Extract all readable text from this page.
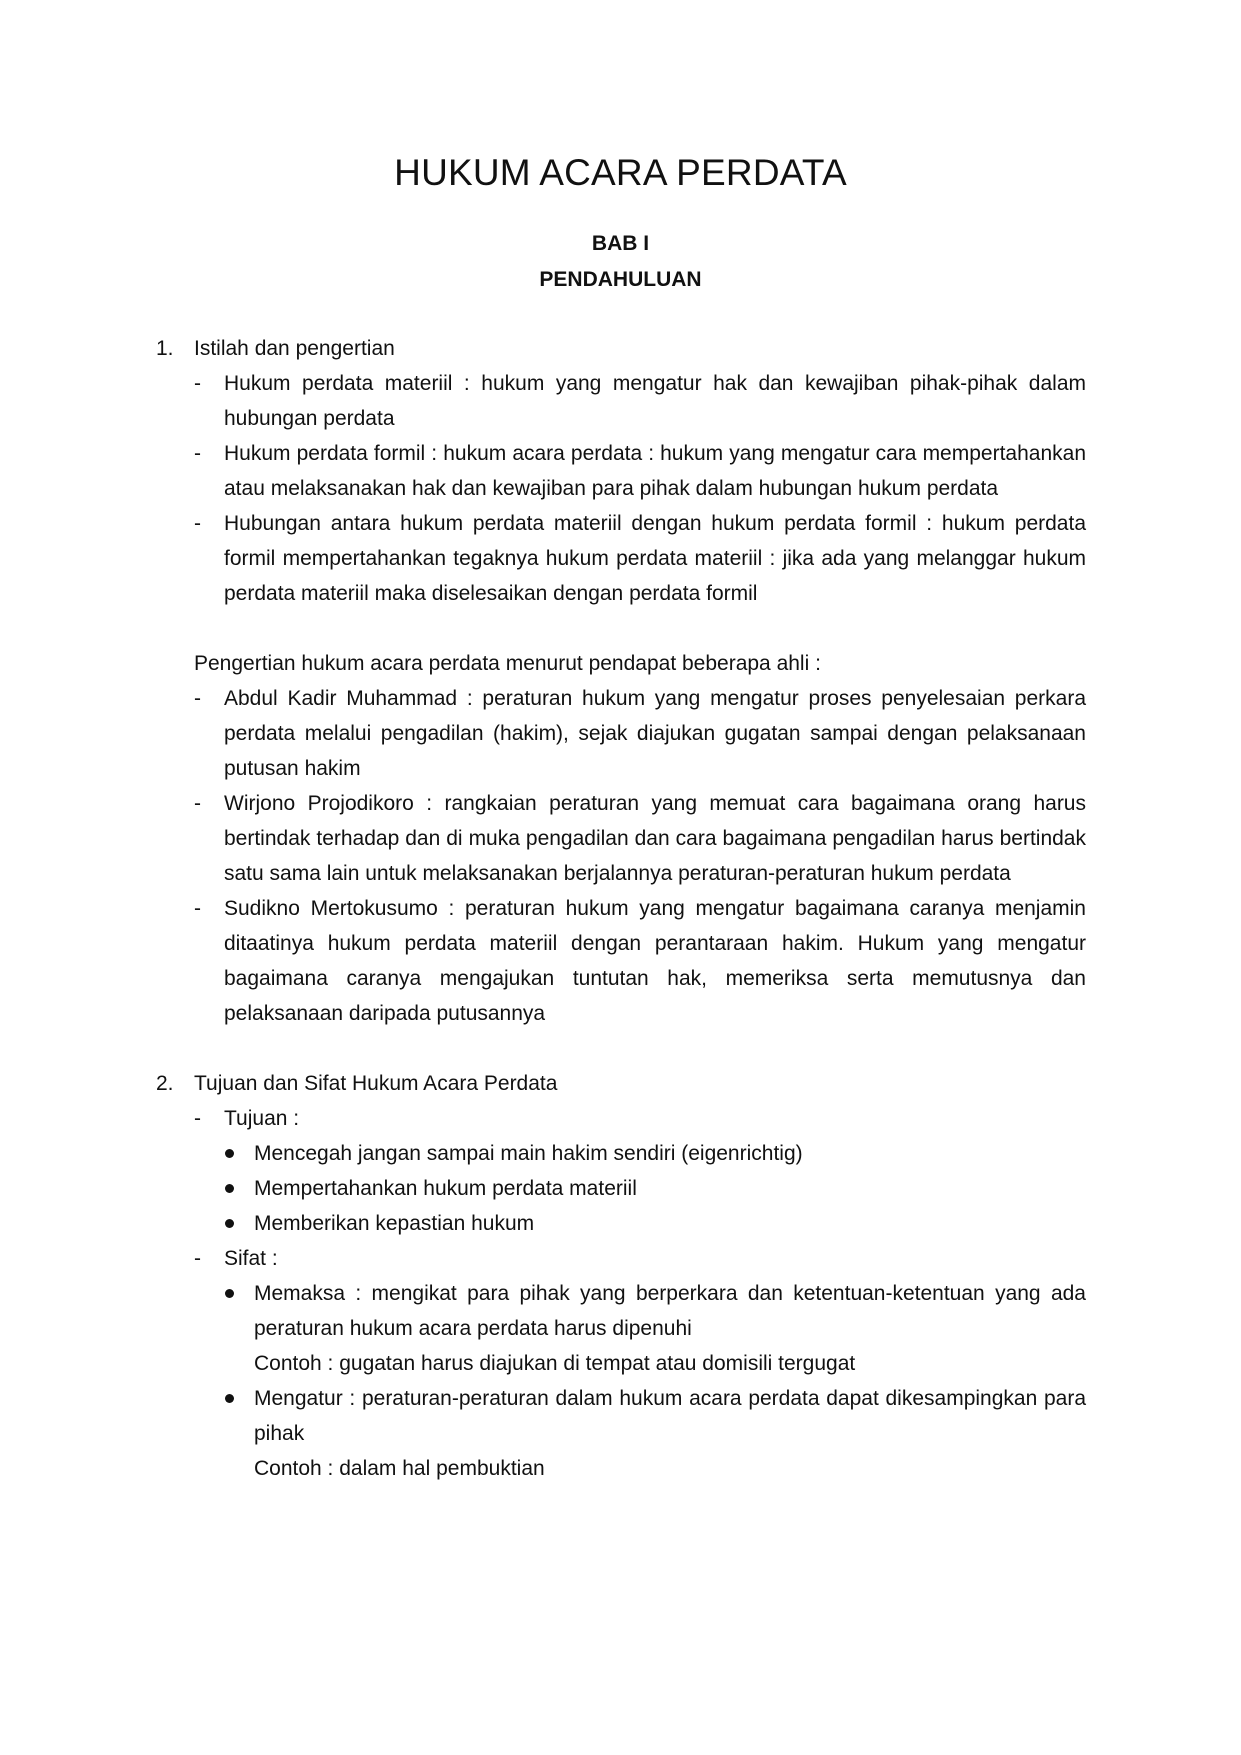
HUKUM ACARA PERDATA
BAB I
PENDAHULUAN
1. Istilah dan pengertian
- Hukum perdata materiil : hukum yang mengatur hak dan kewajiban pihak-pihak dalam hubungan perdata
- Hukum perdata formil : hukum acara perdata : hukum yang mengatur cara mempertahankan atau melaksanakan hak dan kewajiban para pihak dalam hubungan hukum perdata
- Hubungan antara hukum perdata materiil dengan hukum perdata formil : hukum perdata formil mempertahankan tegaknya hukum perdata materiil : jika ada yang melanggar hukum perdata materiil maka diselesaikan dengan perdata formil
Pengertian hukum acara perdata menurut pendapat beberapa ahli :
- Abdul Kadir Muhammad : peraturan hukum yang mengatur proses penyelesaian perkara perdata melalui pengadilan (hakim), sejak diajukan gugatan sampai dengan pelaksanaan putusan hakim
- Wirjono Projodikoro : rangkaian peraturan yang memuat cara bagaimana orang harus bertindak terhadap dan di muka pengadilan dan cara bagaimana pengadilan harus bertindak satu sama lain untuk melaksanakan berjalannya peraturan-peraturan hukum perdata
- Sudikno Mertokusumo : peraturan hukum yang mengatur bagaimana caranya menjamin ditaatinya hukum perdata materiil dengan perantaraan hakim. Hukum yang mengatur bagaimana caranya mengajukan tuntutan hak, memeriksa serta memutusnya dan pelaksanaan daripada putusannya
2. Tujuan dan Sifat Hukum Acara Perdata
- Tujuan :
Mencegah jangan sampai main hakim sendiri (eigenrichtig)
Mempertahankan hukum perdata materiil
Memberikan kepastian hukum
- Sifat :
Memaksa : mengikat para pihak yang berperkara dan ketentuan-ketentuan yang ada peraturan hukum acara perdata harus dipenuhi
Contoh : gugatan harus diajukan di tempat atau domisili tergugat
Mengatur : peraturan-peraturan dalam hukum acara perdata dapat dikesampingkan para pihak
Contoh : dalam hal pembuktian
